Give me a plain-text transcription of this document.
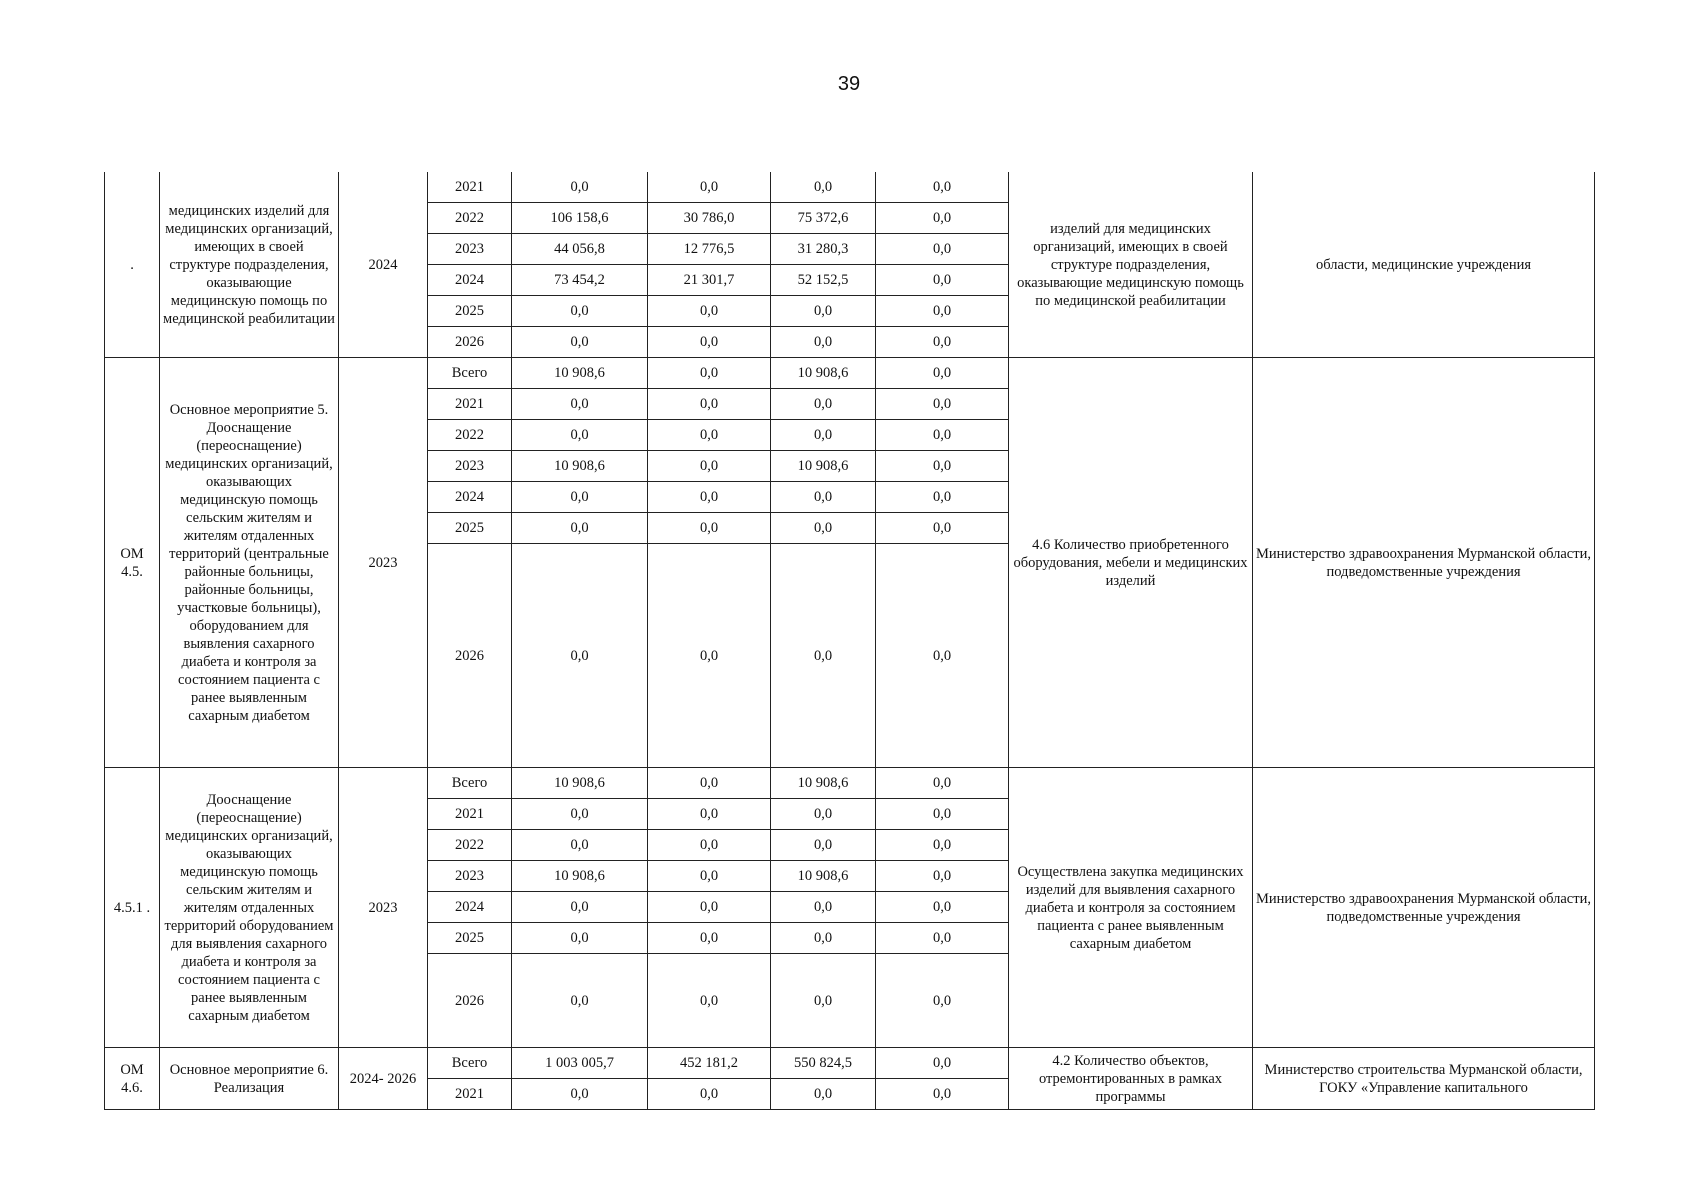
39
.	медицинских изделий для медицинских организаций, имеющих в своей структуре подразделения, оказывающие медицинскую помощь по медицинской реабилитации	2024	2021	0,0	0,0	0,0	0,0	изделий для медицинских организаций, имеющих в своей структуре подразделения, оказывающие медицинскую помощь по медицинской реабилитации	области, медицинские учреждения
			2022	106 158,6	30 786,0	75 372,6	0,0		
			2023	44 056,8	12 776,5	31 280,3	0,0		
			2024	73 454,2	21 301,7	52 152,5	0,0		
			2025	0,0	0,0	0,0	0,0		
			2026	0,0	0,0	0,0	0,0		
ОМ 4.5.	Основное мероприятие 5. Дооснащение (переоснащение) медицинских организаций, оказывающих медицинскую помощь сельским жителям и жителям отдаленных территорий (центральные районные больницы, районные больницы, участковые больницы), оборудованием для выявления сахарного диабета и контроля за состоянием пациента с ранее выявленным сахарным диабетом	2023	Всего	10 908,6	0,0	10 908,6	0,0	4.6 Количество приобретенного оборудования, мебели и медицинских изделий	Министерство здравоохранения Мурманской области, подведомственные учреждения
			2021	0,0	0,0	0,0	0,0		
			2022	0,0	0,0	0,0	0,0		
			2023	10 908,6	0,0	10 908,6	0,0		
			2024	0,0	0,0	0,0	0,0		
			2025	0,0	0,0	0,0	0,0		
			2026	0,0	0,0	0,0	0,0		
4.5.1 .	Дооснащение (переоснащение) медицинских организаций, оказывающих медицинскую помощь сельским жителям и жителям отдаленных территорий оборудованием для выявления сахарного диабета и контроля за состоянием пациента с ранее выявленным сахарным диабетом	2023	Всего	10 908,6	0,0	10 908,6	0,0	Осуществлена закупка медицинских изделий для выявления сахарного диабета и контроля за состоянием пациента с ранее выявленным сахарным диабетом	Министерство здравоохранения Мурманской области, подведомственные учреждения
			2021	0,0	0,0	0,0	0,0		
			2022	0,0	0,0	0,0	0,0		
			2023	10 908,6	0,0	10 908,6	0,0		
			2024	0,0	0,0	0,0	0,0		
			2025	0,0	0,0	0,0	0,0		
			2026	0,0	0,0	0,0	0,0		
ОМ 4.6.	Основное мероприятие 6. Реализация	2024- 2026	Всего	1 003 005,7	452 181,2	550 824,5	0,0	4.2 Количество объектов, отремонтированных в рамках программы	Министерство строительства Мурманской области, ГОКУ «Управление капитального
			2021	0,0	0,0	0,0	0,0		
